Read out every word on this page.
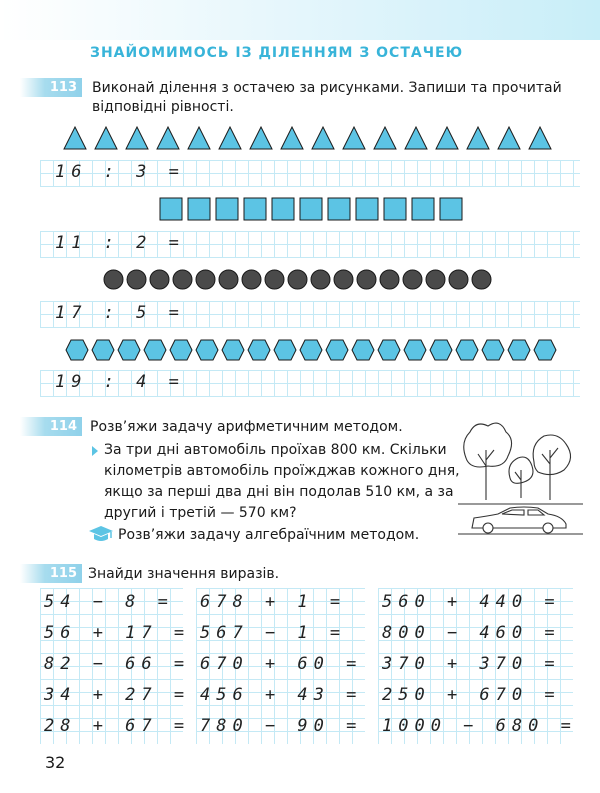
ЗНАЙОМИМОСЬ ІЗ ДІЛЕННЯМ З ОСТАЧЕЮ
113	Виконай ділення з остачею за рисунками. Запиши та прочитай
відповідні рівності.
16 : 3 =
11 : 2 =
17 : 5 =
19 : 4 =
114 Розв’яжи задачу арифметичним методом.
За три дні автомобіль проїхав 800 км. Скільки
кілометрів автомобіль проїжджав кожного дня,
якщо за перші два дні він подолав 510 км, а за
другий і третій — 570 км?
Розв’яжи задачу алгебраїчним методом.
115 Знайди значення виразів.
54 − 8 =
56 + 17 =
82 − 66 =
34 + 27 =
28 + 67 =
678 + 1 =
567 − 1 =
670 + 60 =
456 + 43 =
780 − 90 =
560 + 440 =
800 − 460 =
370 + 370 =
250 + 670 =
1000 − 680 =
32
